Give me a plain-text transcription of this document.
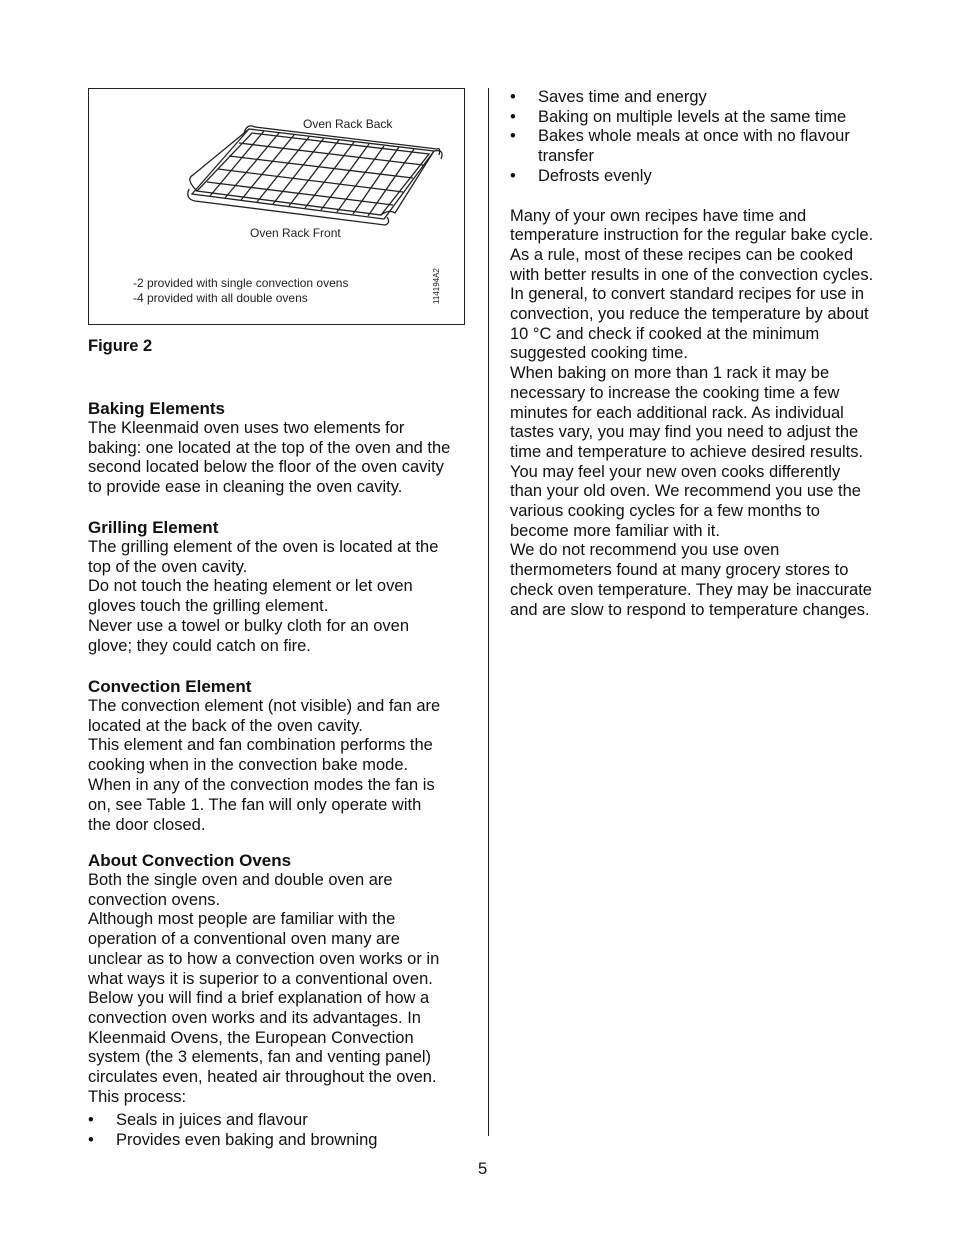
Oven Rack Back
Oven Rack Front
-2 provided with single convection ovens
-4 provided with all double ovens	114194A2
Figure 2
Baking Elements

The Kleenmaid oven uses two elements for

baking: one located at the top of the oven and the

second located below the floor of the oven cavity

to provide ease in cleaning the oven cavity.

Grilling Element

The grilling element of the oven is located at the

top of the oven cavity.

Do not touch the heating element or let oven

gloves touch the grilling element.

Never use a towel or bulky cloth for an oven

glove; they could catch on fire.

Convection Element

The convection element (not visible) and fan are

located at the back of the oven cavity.

This element and fan combination performs the

cooking when in the convection bake mode.

When in any of the convection modes the fan is

on, see Table 1. The fan will only operate with

the door closed.

About Convection Ovens

Both the single oven and double oven are

convection ovens.

Although most people are familiar with the

operation of a conventional oven many are

unclear as to how a convection oven works or in

what ways it is superior to a conventional oven.

Below you will find a brief explanation of how a

convection oven works and its advantages. In

Kleenmaid Ovens, the European Convection

system (the 3 elements, fan and venting panel)

circulates even, heated air throughout the oven.

This process:

• Seals in juices and flavour
• Provides even baking and browning
• Saves time and energy
• Baking on multiple levels at the same time
• Bakes whole meals at once with no flavour transfer
• Defrosts evenly

Many of your own recipes have time and

temperature instruction for the regular bake cycle.

As a rule, most of these recipes can be cooked

with better results in one of the convection cycles.

In general, to convert standard recipes for use in

convection, you reduce the temperature by about

10 °C and check if cooked at the minimum

suggested cooking time.

When baking on more than 1 rack it may be

necessary to increase the cooking time a few

minutes for each additional rack. As individual

tastes vary, you may find you need to adjust the

time and temperature to achieve desired results.

You may feel your new oven cooks differently

than your old oven. We recommend you use the

various cooking cycles for a few months to

become more familiar with it.

We do not recommend you use oven

thermometers found at many grocery stores to

check oven temperature. They may be inaccurate

and are slow to respond to temperature changes.

5
